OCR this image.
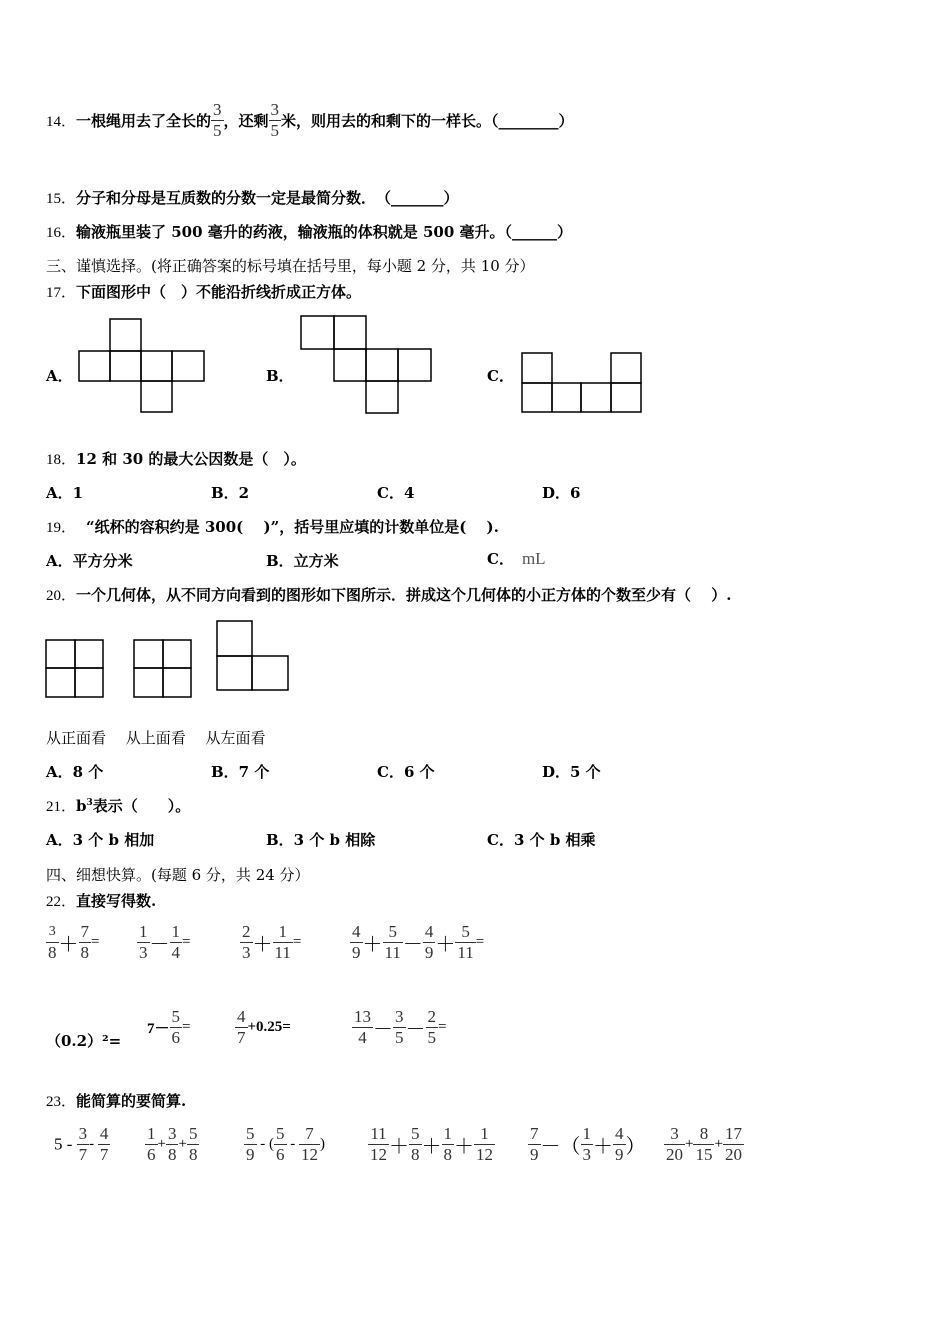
14．一根绳用去了全长的 $\frac{3}{5}$ ，还剩 $\frac{3}{5}$ 米，则用去的和剩下的一样长。（________）
15．分子和分母是互质数的分数一定是最简分数．　（_______）
16．输液瓶里装了 500 毫升的药液，输液瓶的体积就是 500 毫升。（______）
三、谨慎选择。(将正确答案的标号填在括号里，每小题 2 分，共 10 分）
17．下面图形中（　）不能沿折线折成正方体。
A．	B．	C．
18．12 和 30 的最大公因数是（　）。
A．1	B．2	C．4	D．6
19． “纸杯的容积约是 300(　 )”，括号里应填的计数单位是(　 ).
A．平方分米	B．立方米	C． mL
20．一个几何体，从不同方向看到的图形如下图所示．拼成这个几何体的小正方体的个数至少有（　 ）.
从正面看　 从上面看　 从左面看
A．8 个	B．7 个	C．6 个	D．5 个
21．$b^3$表示（　　）。
A．3 个 b 相加	B．3 个 b 相除	C．3 个 b 相乘
四、细想快算。(每题 6 分，共 24 分）
22．直接写得数.
3
$8 + \frac{7}{8} = \frac{1}{3} - \frac{1}{4}$ =	$\frac{2}{3} + \frac{1}{11}$ =	$\frac{4}{9} + \frac{5}{11} - \frac{4}{9} + \frac{5}{11}$ =
（0.2）²=
$7- \frac{5}{6}$ =	$\frac{4}{7} +0.25=$	$\frac{13}{4} - \frac{3}{5} - \frac{2}{5}$ =
23．能简算的要简算.
$5 - \frac{3}{7} - \frac{4}{7} \frac{1}{6} + \frac{3}{8} + \frac{5}{8}$	$\frac{5}{9}$ - ( $\frac{5}{6} - \frac{7}{12}$ )	$\frac{11}{12} + \frac{5}{8} + \frac{1}{8} + \frac{1}{12} \frac{7}{9}$ －（ $\frac{1}{3} + \frac{4}{9}$ ） $\frac{3}{20} + \frac{8}{15} + \frac{17}{20}$
